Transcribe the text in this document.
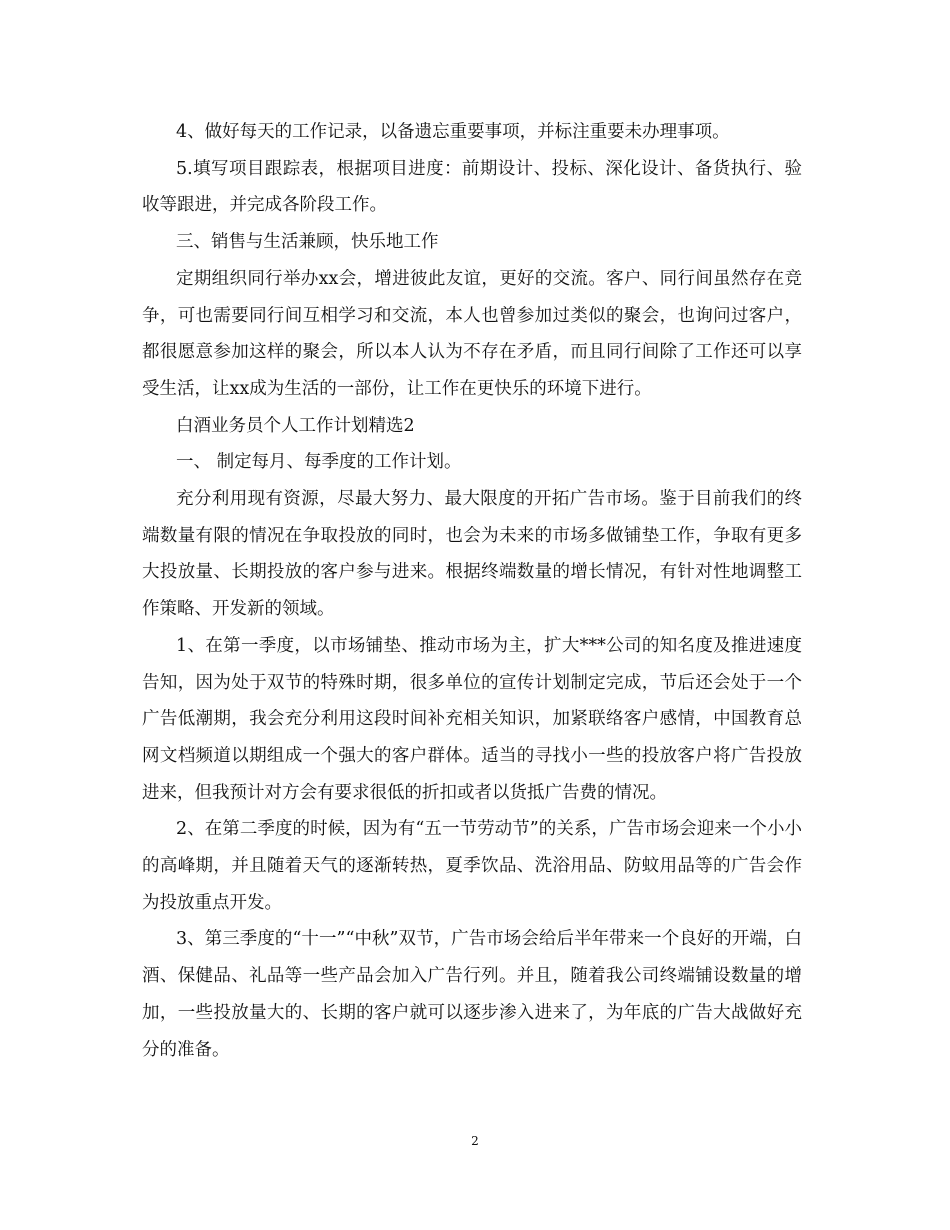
4、做好每天的工作记录，以备遗忘重要事项，并标注重要未办理事项。

5.填写项目跟踪表，根据项目进度：前期设计、投标、深化设计、备货执行、验收等跟进，并完成各阶段工作。

三、销售与生活兼顾，快乐地工作

定期组织同行举办xx会，增进彼此友谊，更好的交流。客户、同行间虽然存在竞争，可也需要同行间互相学习和交流，本人也曾参加过类似的聚会，也询问过客户，都很愿意参加这样的聚会，所以本人认为不存在矛盾，而且同行间除了工作还可以享受生活，让xx成为生活的一部份，让工作在更快乐的环境下进行。

白酒业务员个人工作计划精选2

一、 制定每月、每季度的工作计划。

充分利用现有资源，尽最大努力、最大限度的开拓广告市场。鉴于目前我们的终端数量有限的情况在争取投放的同时，也会为未来的市场多做铺垫工作，争取有更多大投放量、长期投放的客户参与进来。根据终端数量的增长情况，有针对性地调整工作策略、开发新的领域。

1、在第一季度，以市场铺垫、推动市场为主，扩大***公司的知名度及推进速度告知，因为处于双节的特殊时期，很多单位的宣传计划制定完成，节后还会处于一个广告低潮期，我会充分利用这段时间补充相关知识，加紧联络客户感情，中国教育总网文档频道以期组成一个强大的客户群体。适当的寻找小一些的投放客户将广告投放进来，但我预计对方会有要求很低的折扣或者以货抵广告费的情况。

2、在第二季度的时候，因为有“五一节劳动节”的关系，广告市场会迎来一个小小的高峰期，并且随着天气的逐渐转热，夏季饮品、洗浴用品、防蚊用品等的广告会作为投放重点开发。

3、第三季度的“十一”“中秋”双节，广告市场会给后半年带来一个良好的开端，白酒、保健品、礼品等一些产品会加入广告行列。并且，随着我公司终端铺设数量的增加，一些投放量大的、长期的客户就可以逐步渗入进来了，为年底的广告大战做好充分的准备。

2
